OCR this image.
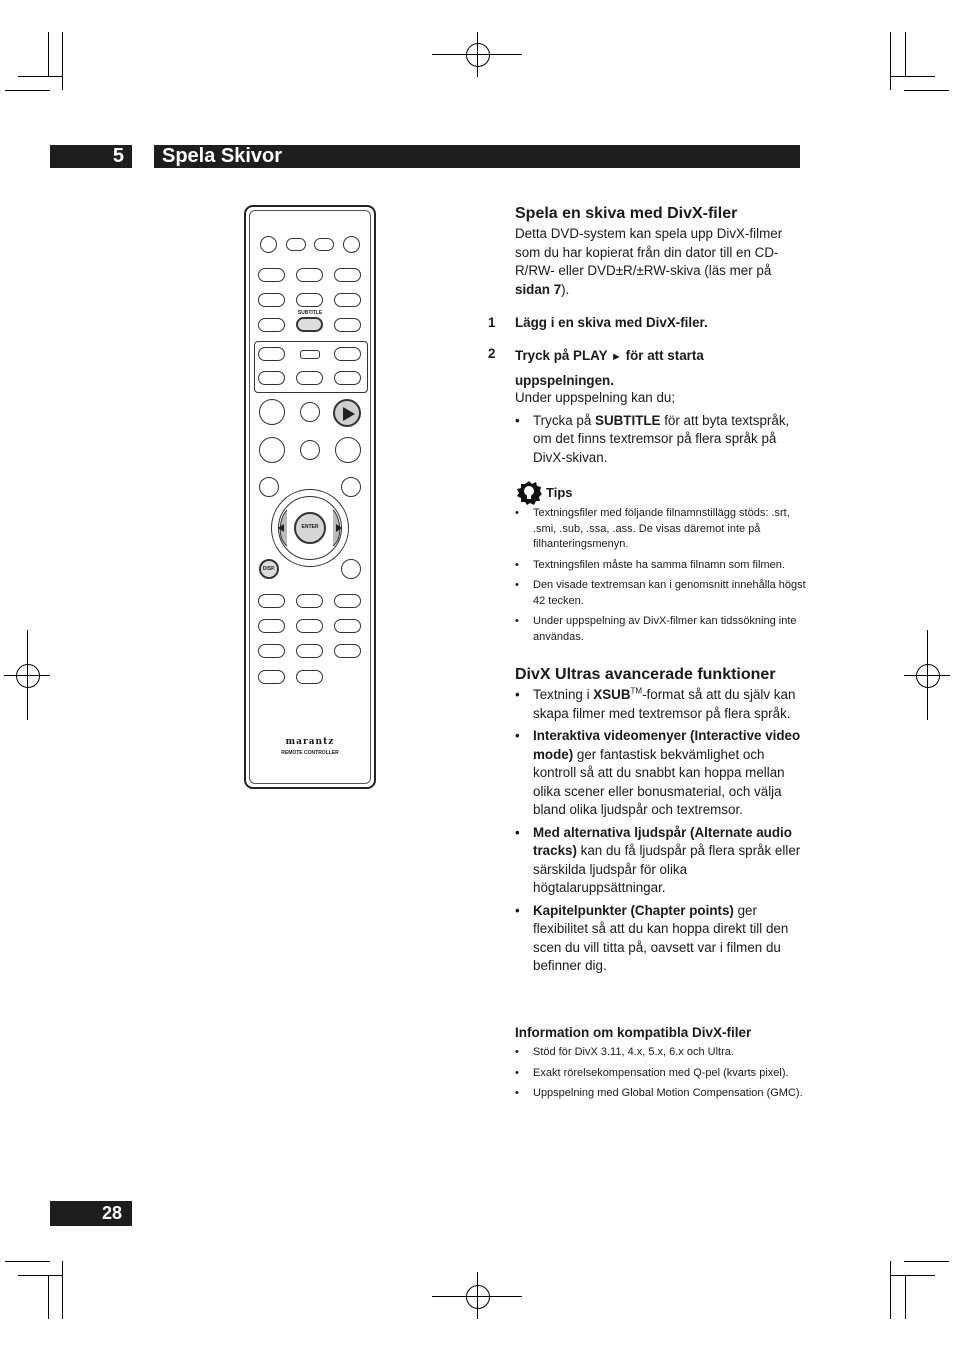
5	Spela Skivor
SUBTITLE
ENTER
DISP.
marantz
REMOTE CONTROLLER
Spela en skiva med DivX-filer

Detta DVD-system kan spela upp DivX-filmer som du har kopierat från din dator till en CD-R/RW- eller DVD±R/±RW-skiva (läs mer på sidan 7).

1 Lägg i en skiva med DivX-filer.
2 Tryck på PLAY ► för att starta uppspelningen.

Under uppspelning kan du;

• Trycka på SUBTITLE för att byta textspråk, om det finns textremsor på flera språk på DivX-skivan.
Tips
• Textningsfiler med följande filnamnstillägg stöds: .srt, .smi, .sub, .ssa, .ass. De visas däremot inte på filhanteringsmenyn.
• Textningsfilen måste ha samma filnamn som filmen.
• Den visade textremsan kan i genomsnitt innehålla högst 42 tecken.
• Under uppspelning av DivX-filmer kan tidssökning inte användas.
DivX Ultras avancerade funktioner
• Textning i XSUB™-format så att du själv kan skapa filmer med textremsor på flera språk.
• Interaktiva videomenyer (Interactive video mode) ger fantastisk bekvämlighet och kontroll så att du snabbt kan hoppa mellan olika scener eller bonusmaterial, och välja bland olika ljudspår och textremsor.
• Med alternativa ljudspår (Alternate audio tracks) kan du få ljudspår på flera språk eller särskilda ljudspår för olika högtalaruppsättningar.
• Kapitelpunkter (Chapter points) ger flexibilitet så att du kan hoppa direkt till den scen du vill titta på, oavsett var i filmen du befinner dig.
Information om kompatibla DivX-filer
• Stöd för DivX 3.11, 4.x, 5.x, 6.x och Ultra.
• Exakt rörelsekompensation med Q-pel (kvarts pixel).
• Uppspelning med Global Motion Compensation (GMC).
28
